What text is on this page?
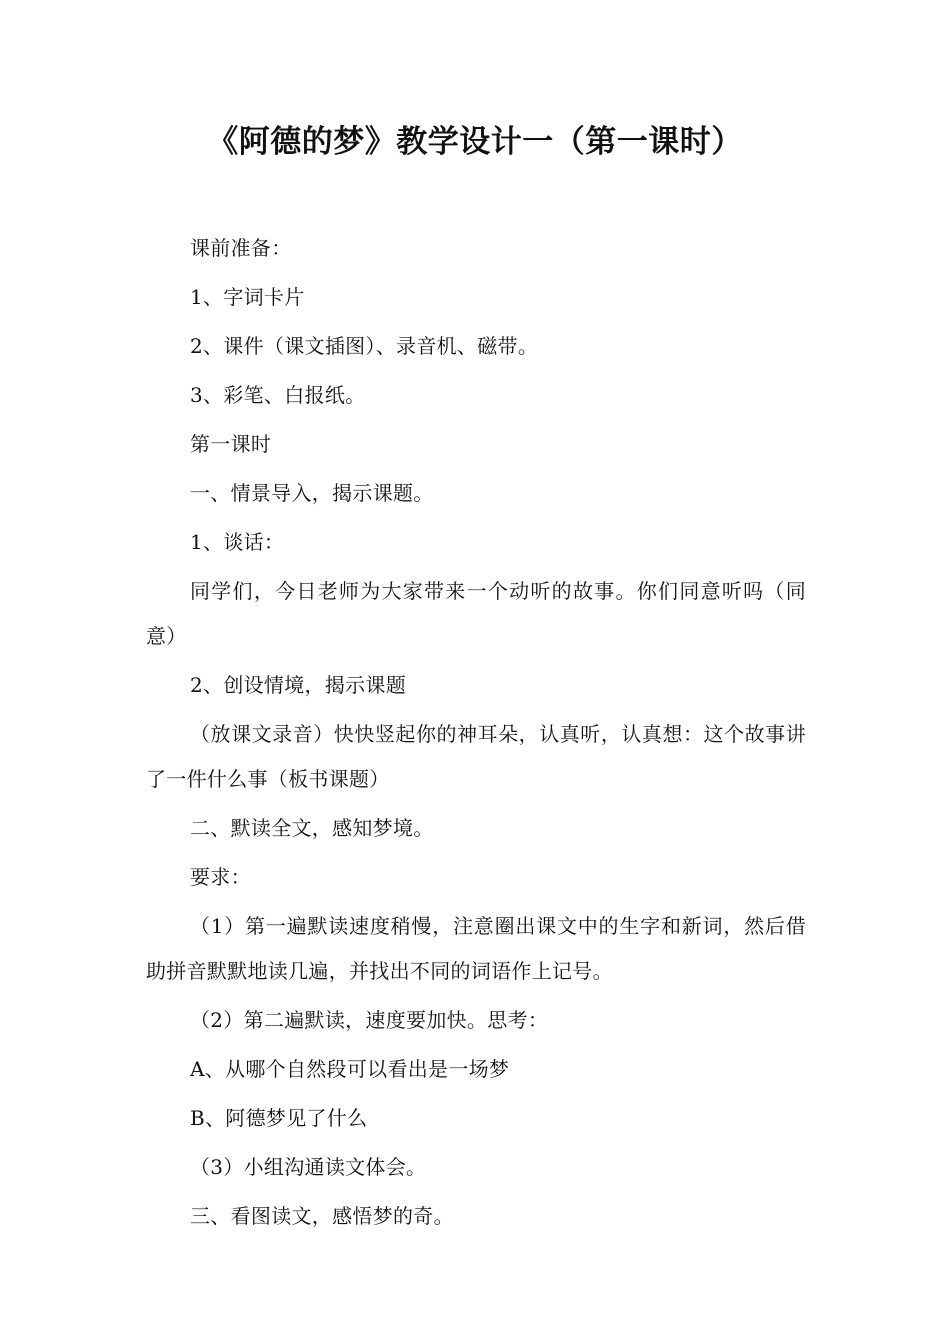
《阿德的梦》教学设计一（第一课时）

课前准备：

1、字词卡片

2、课件（课文插图）、录音机、磁带。

3、彩笔、白报纸。

第一课时

一、情景导入，揭示课题。

1、谈话：

同学们，今日老师为大家带来一个动听的故事。你们同意听吗（同意）

2、创设情境，揭示课题

（放课文录音）快快竖起你的神耳朵，认真听，认真想：这个故事讲了一件什么事（板书课题）

二、默读全文，感知梦境。

要求：

（1）第一遍默读速度稍慢，注意圈出课文中的生字和新词，然后借助拼音默默地读几遍，并找出不同的词语作上记号。

（2）第二遍默读，速度要加快。思考：

A、从哪个自然段可以看出是一场梦

B、阿德梦见了什么

（3）小组沟通读文体会。

三、看图读文，感悟梦的奇。
